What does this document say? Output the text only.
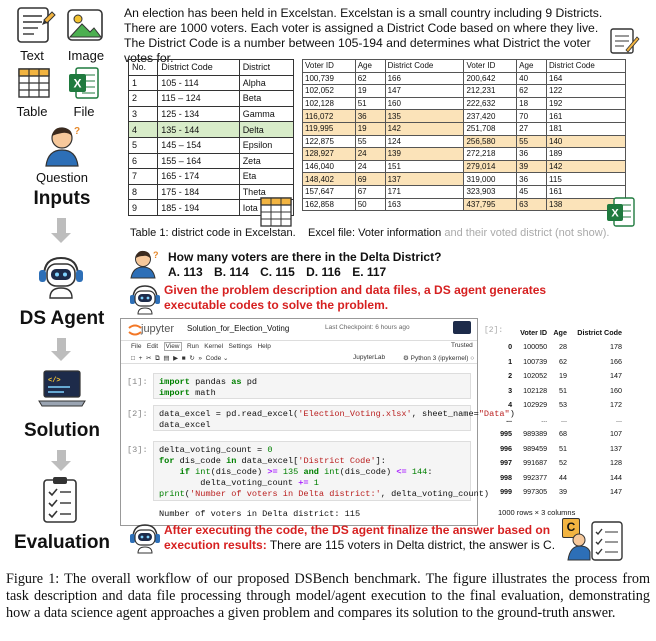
Text	Image
X
Table	File
?
Question
Inputs
DS Agent
</>
Solution
Evaluation
An election has been held in Excelstan. Excelstan is a small country including 9 Districts. There are 1000 voters. Each voter is assigned a District Code based on where they live. The District Code is a number between 105-194 and determines what District the voter votes for.
No.	District Code	District
1	105 - 114	Alpha
2	115 – 124	Beta
3	125 - 134	Gamma
4	135 - 144	Delta
5	145 – 154	Epsilon
6	155 – 164	Zeta
7	165 - 174	Eta
8	175 - 184	Theta
9	185 - 194	Iota
Voter ID	Age	District Code	Voter ID	Age	District Code
100,739	62	166	200,642	40	164
102,052	19	147	212,231	62	122
102,128	51	160	222,632	18	192
116,072	36	135	237,420	70	161
119,995	19	142	251,708	27	181
122,875	55	124	256,580	55	140
128,927	24	139	272,218	36	189
146,040	24	151	279,014	39	142
148,402	69	137	319,000	36	115
157,647	67	171	323,903	45	161
162,858	50	163	437,795	63	138
X
Table 1: district code in Excelstan. Excel file: Voter information and their voted district (not show).
? How many voters are there in the Delta District?
A. 113 B. 114 C. 115 D. 116 E. 117
Given the problem description and data files, a DS agent generates executable codes to solve the problem.
jupyter Solution_for_Election_Voting	Last Checkpoint: 6 hours ago
File Edit View Run Kernel Settings Help	Trusted
□ + ✂ ⧉ ▤ ▶ ■ ↻ » Code ⌄	JupyterLab	⚙ Python 3 (ipykernel) ○
[1]:	import pandas as pd
import math
[2]:	data_excel = pd.read_excel('Election_Voting.xlsx', sheet_name="Data")
data_excel
[3]:	delta_voting_count = 0
for dis_code in data_excel['District Code']:
if int(dis_code) >= 135 and int(dis_code) <= 144:
delta_voting_count += 1
print('Number of voters in Delta district:', delta_voting_count)
Number of voters in Delta district: 115
[2]:
	Voter ID	Age	District Code
0	100050	28	178
1	100739	62	166
2	102052	19	147
3	102128	51	160
4	102929	53	172
...	...	...	...
995	989389	68	107
996	989459	51	137
997	991687	52	128
998	992377	44	144
999	997305	39	147
1000 rows × 3 columns
After executing the code, the DS agent finalize the answer based on execution results: There are 115 voters in Delta district, the answer is C.
C
Figure 1: The overall workflow of our proposed DSBench benchmark. The figure illustrates the process from task description and data file processing through model/agent execution to the final evaluation, demonstrating how a data science agent approaches a given problem and compares its solution to the ground-truth answer.
